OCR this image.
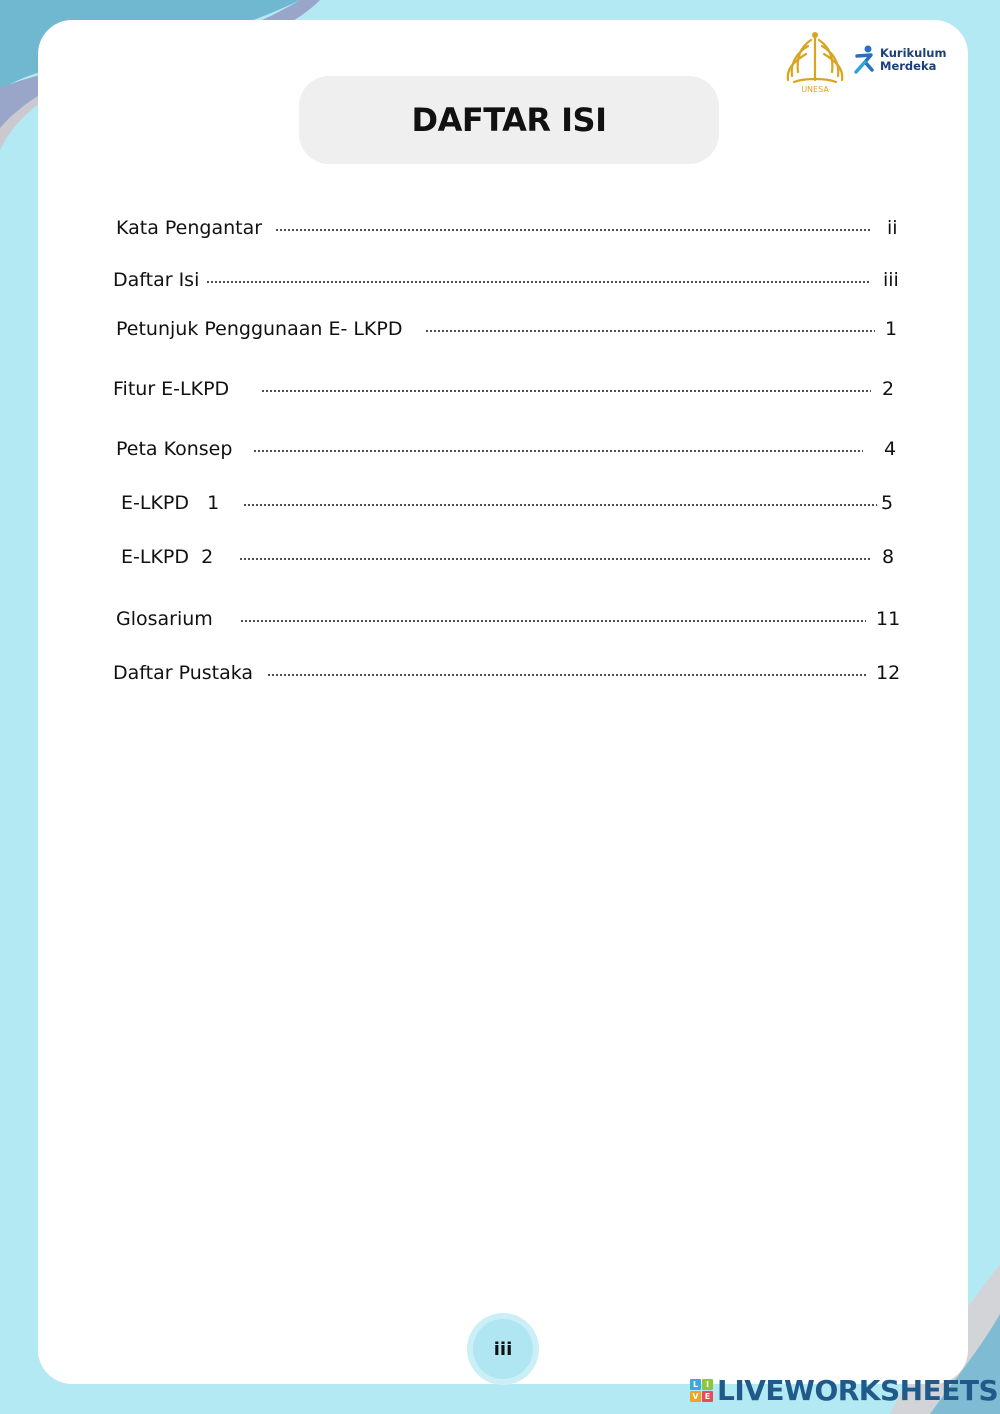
DAFTAR ISI
UNESA
Kurikulum
Merdeka
Kata Pengantar	ii
Daftar Isi	iii
Petunjuk Penggunaan E- LKPD	1
Fitur E-LKPD	2
Peta Konsep	4
E-LKPD   1	5
E-LKPD  2	8
Glosarium	11
Daftar Pustaka	12
iii
L I
V E LIVEWORKSHEETS
